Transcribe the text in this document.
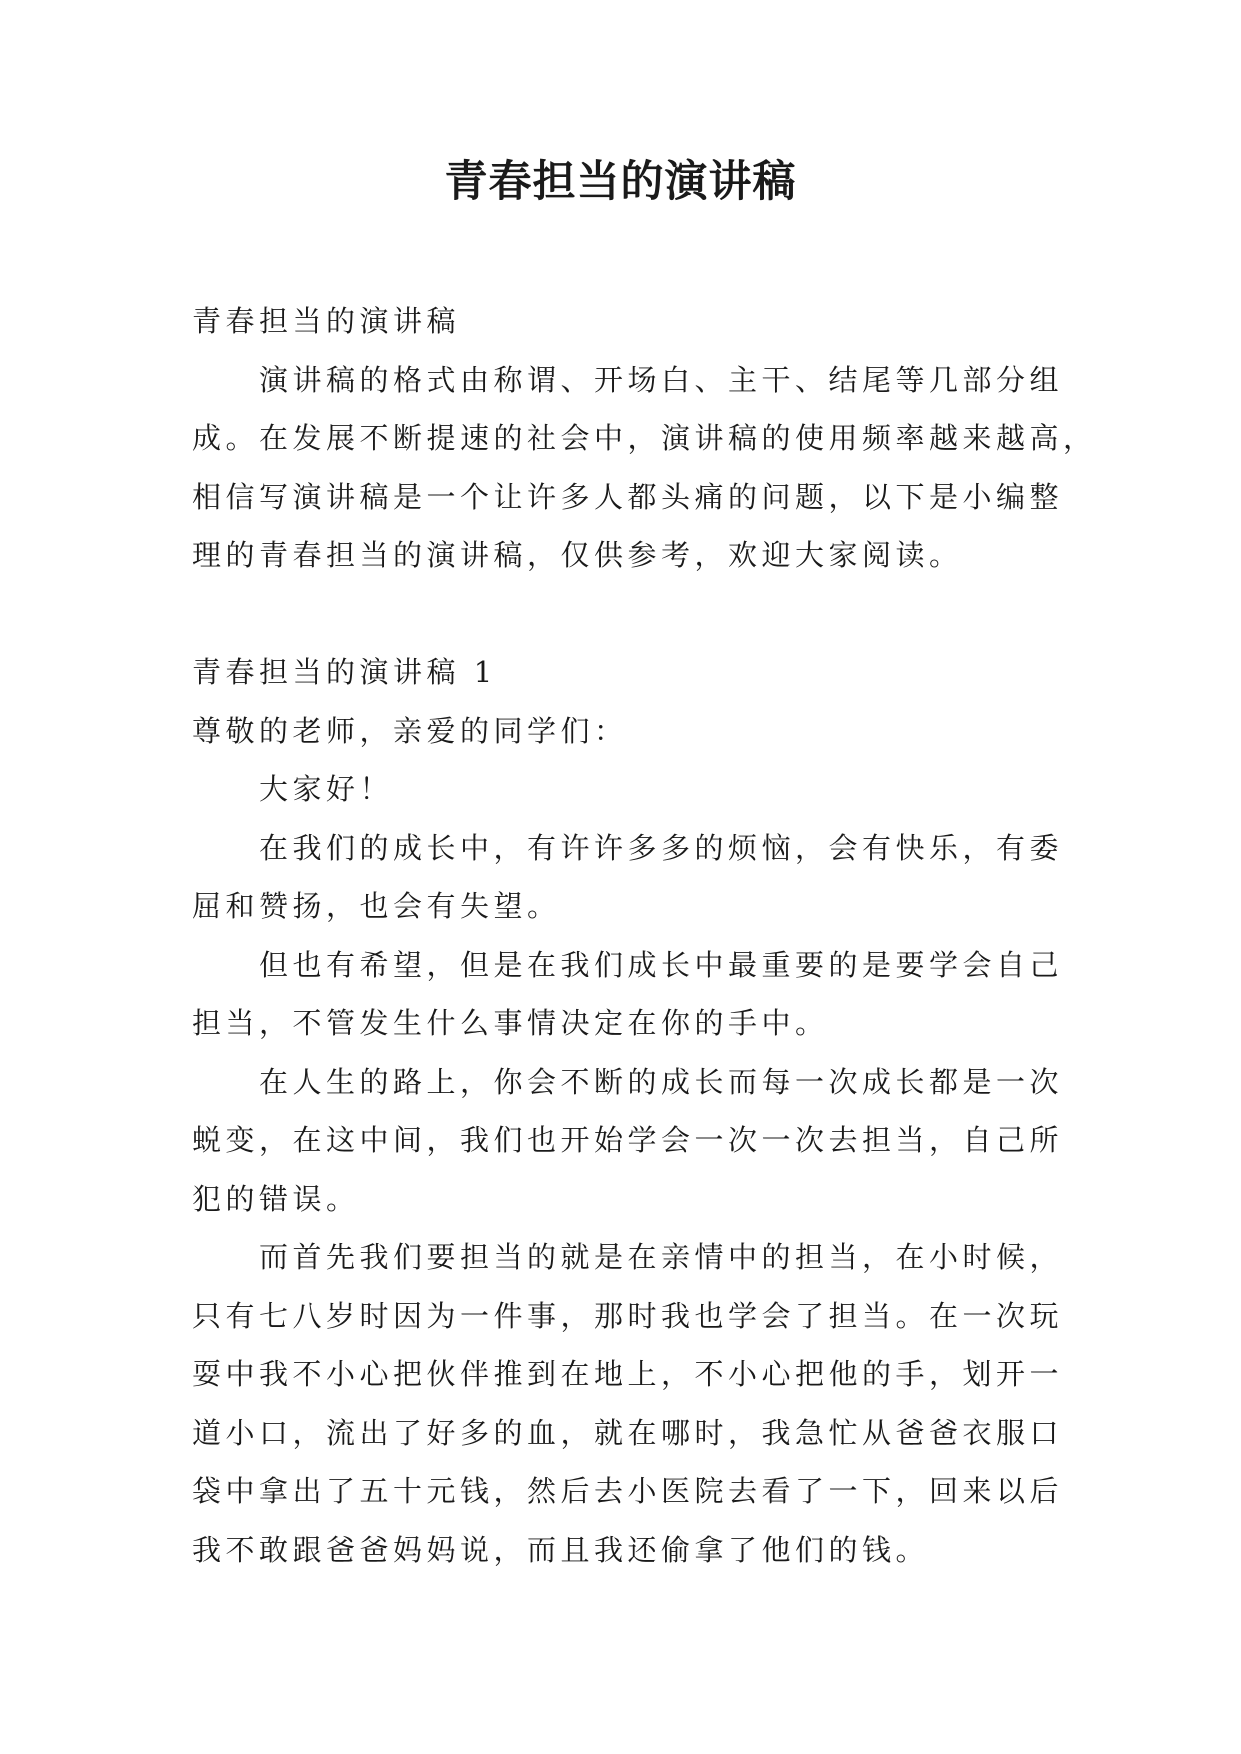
青春担当的演讲稿
青春担当的演讲稿
演讲稿的格式由称谓、开场白、主干、结尾等几部分组
成。在发展不断提速的社会中，演讲稿的使用频率越来越高，
相信写演讲稿是一个让许多人都头痛的问题，以下是小编整
理的青春担当的演讲稿，仅供参考，欢迎大家阅读。
青春担当的演讲稿 1
尊敬的老师，亲爱的同学们：
大家好！
在我们的成长中，有许许多多的烦恼，会有快乐，有委
屈和赞扬，也会有失望。
但也有希望，但是在我们成长中最重要的是要学会自己
担当，不管发生什么事情决定在你的手中。
在人生的路上，你会不断的成长而每一次成长都是一次
蜕变，在这中间，我们也开始学会一次一次去担当，自己所
犯的错误。
而首先我们要担当的就是在亲情中的担当，在小时候，
只有七八岁时因为一件事，那时我也学会了担当。在一次玩
耍中我不小心把伙伴推到在地上，不小心把他的手，划开一
道小口，流出了好多的血，就在哪时，我急忙从爸爸衣服口
袋中拿出了五十元钱，然后去小医院去看了一下，回来以后
我不敢跟爸爸妈妈说，而且我还偷拿了他们的钱。
